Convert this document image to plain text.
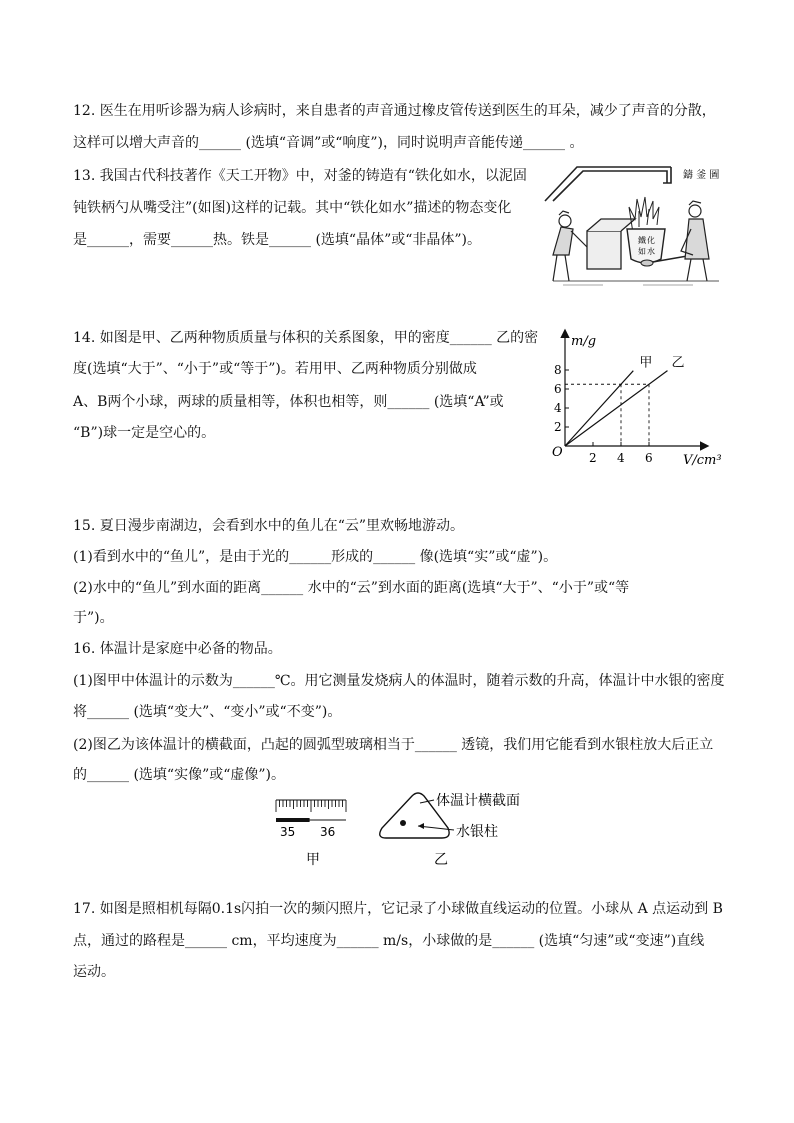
12. 医生在用听诊器为病人诊病时，来自患者的声音通过橡皮管传送到医生的耳朵，减少了声音的分散，
这样可以增大声音的______ (选填“音调”或“响度”)，同时说明声音能传递______ 。
13. 我国古代科技著作《天工开物》中，对釜的铸造有“铁化如水，以泥固
钝铁柄勺从嘴受注”(如图)这样的记载。其中“铁化如水”描述的物态变化
是______，需要______热。铁是______ (选填“晶体”或“非晶体”)。
鑄 釜 圖
鐵 化
如 水
14. 如图是甲、乙两种物质质量与体积的关系图象，甲的密度______ 乙的密
度(选填“大于”、“小于”或“等于”)。若用甲、乙两种物质分别做成
A、B两个小球，两球的质量相等，体积也相等，则______ (选填“A”或
“B”)球一定是空心的。
m/g
V/cm³
O
2
4
6
8
2 4 6
甲 乙
15. 夏日漫步南湖边，会看到水中的鱼儿在“云”里欢畅地游动。
(1)看到水中的“鱼儿”，是由于光的______形成的______ 像(选填“实”或“虚”)。
(2)水中的“鱼儿”到水面的距离______ 水中的“云”到水面的距离(选填“大于”、“小于”或“等
于”)。
16. 体温计是家庭中必备的物品。
(1)图甲中体温计的示数为______℃。用它测量发烧病人的体温时，随着示数的升高，体温计中水银的密度
将______ (选填“变大”、“变小”或“不变”)。
(2)图乙为该体温计的横截面，凸起的圆弧型玻璃相当于______ 透镜，我们用它能看到水银柱放大后正立
的______ (选填“实像”或“虚像”)。
35 36
甲
体温计横截面
水银柱
乙
17. 如图是照相机每隔0.1s闪拍一次的频闪照片，它记录了小球做直线运动的位置。小球从 A 点运动到 B
点，通过的路程是______ cm，平均速度为______ m/s，小球做的是______ (选填“匀速”或“变速”)直线
运动。
